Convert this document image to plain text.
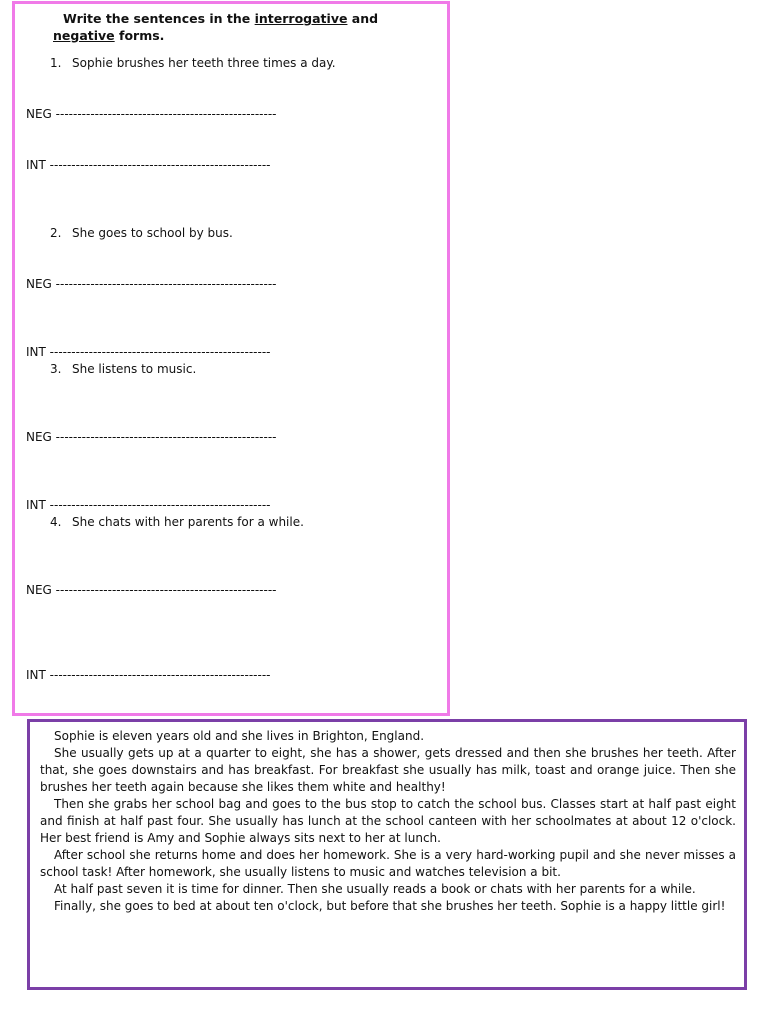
Write the sentences in the interrogative and
negative forms.
1. Sophie brushes her teeth three times a day.
NEG ---------------------------------------------------
INT ---------------------------------------------------
2. She goes to school by bus.
NEG ---------------------------------------------------
INT ---------------------------------------------------
3. She listens to music.
NEG ---------------------------------------------------
INT ---------------------------------------------------
4. She chats with her parents for a while.
NEG ---------------------------------------------------
INT ---------------------------------------------------

Sophie is eleven years old and she lives in Brighton, England.

She usually gets up at a quarter to eight, she has a shower, gets dressed and then she brushes her teeth. After that, she goes downstairs and has breakfast. For breakfast she usually has milk, toast and orange juice. Then she brushes her teeth again because she likes them white and healthy!

Then she grabs her school bag and goes to the bus stop to catch the school bus. Classes start at half past eight and finish at half past four. She usually has lunch at the school canteen with her schoolmates at about 12 o'clock. Her best friend is Amy and Sophie always sits next to her at lunch.

After school she returns home and does her homework. She is a very hard-working pupil and she never misses a school task! After homework, she usually listens to music and watches television a bit.

At half past seven it is time for dinner. Then she usually reads a book or chats with her parents for a while.

Finally, she goes to bed at about ten o'clock, but before that she brushes her teeth. Sophie is a happy little girl!
